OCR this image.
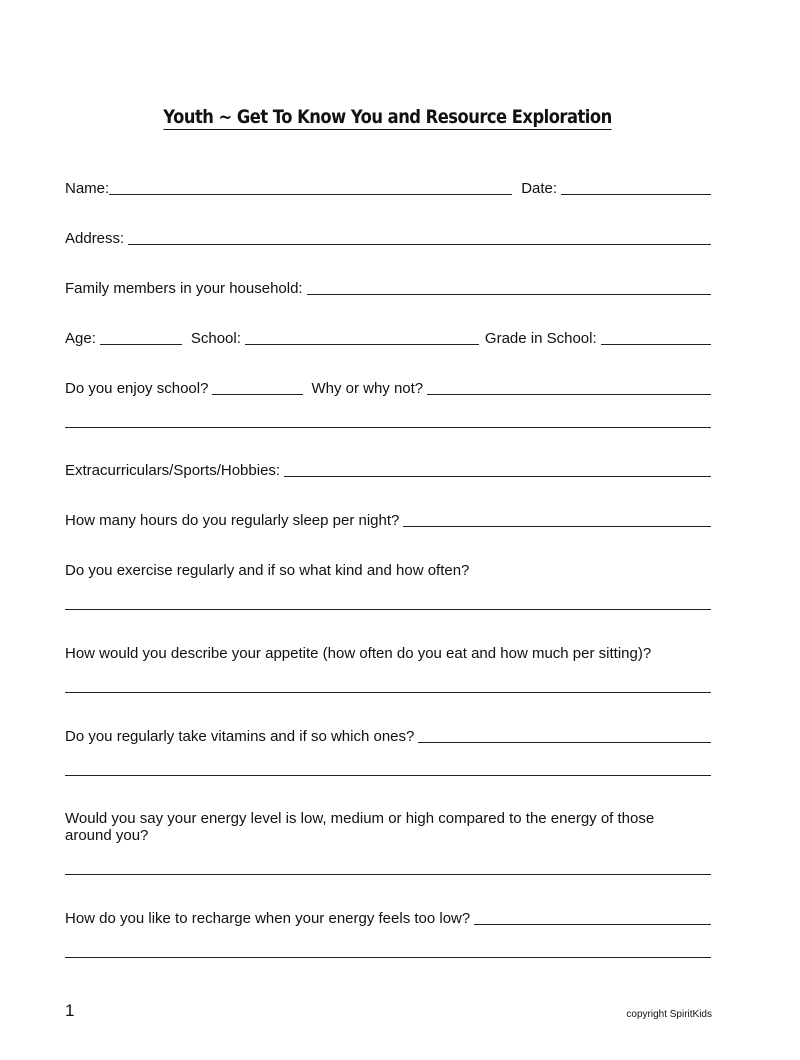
Youth ~ Get To Know You and Resource Exploration
Name:	Date:
Address:
Family members in your household:
Age:	School:	Grade in School:
Do you enjoy school?	Why or why not?
Extracurriculars/Sports/Hobbies:
How many hours do you regularly sleep per night?
Do you exercise regularly and if so what kind and how often?
How would you describe your appetite (how often do you eat and how much per sitting)?
Do you regularly take vitamins and if so which ones?
Would you say your energy level is low, medium or high compared to the energy of those around you?
How do you like to recharge when your energy feels too low?
1	copyright SpiritKids
